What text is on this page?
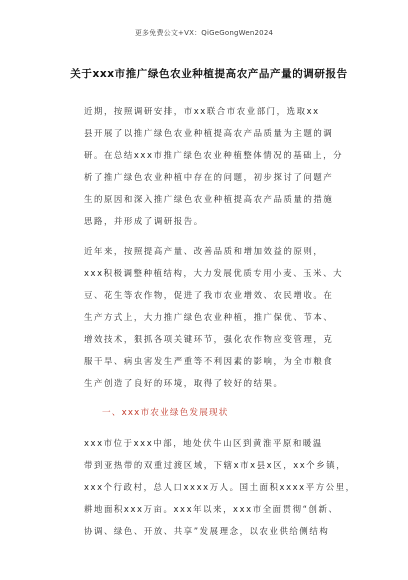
更多免费公文+VX：QiGeGongWen2024
关于xxx市推广绿色农业种植提高农产品产量的调研报告

近期，按照调研安排，市xx联合市农业部门，选取xx

县开展了以推广绿色农业种植提高农产品质量为主题的调

研。在总结xxx市推广绿色农业种植整体情况的基础上，分

析了推广绿色农业种植中存在的问题，初步探讨了问题产

生的原因和深入推广绿色农业种植提高农产品质量的措施

思路，并形成了调研报告。

近年来，按照提高产量、改善品质和增加效益的原则，

xxx积极调整种植结构，大力发展优质专用小麦、玉米、大

豆、花生等农作物，促进了我市农业增效、农民增收。在

生产方式上，大力推广绿色农业种植，推广保优、节本、

增效技术，狠抓各项关键环节，强化农作物应变管理，克

服干旱、病虫害发生严重等不利因素的影响，为全市粮食

生产创造了良好的环境，取得了较好的结果。

一、xxx市农业绿色发展现状

xxx市位于xxx中部，地处伏牛山区到黄淮平原和暖温

带到亚热带的双重过渡区域，下辖x市x县x区，xx个乡镇，

xxx个行政村，总人口xxxx万人。国土面积xxxx平方公里，

耕地面积xxx万亩。xxx年以来，xxx市全面贯彻“创新、

协调、绿色、开放、共享”发展理念，以农业供给侧结构
